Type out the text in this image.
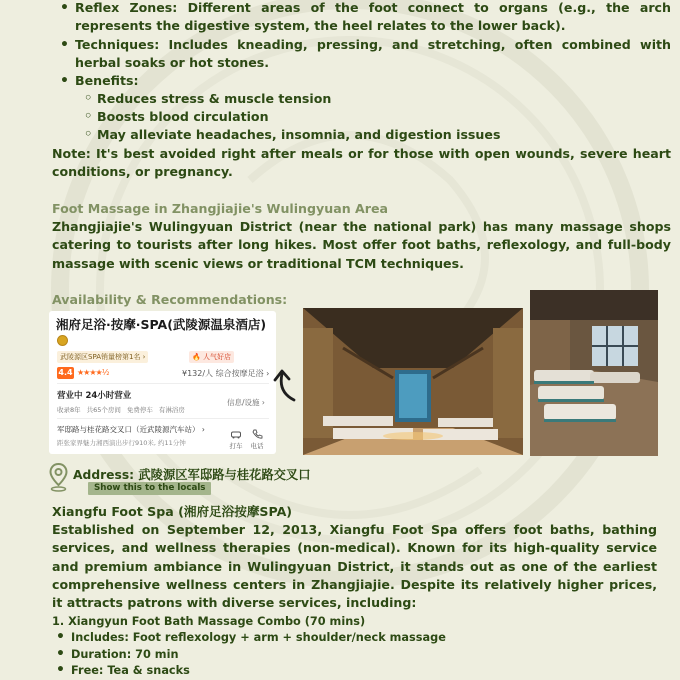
• Reflex Zones: Different areas of the foot connect to organs (e.g., the arch represents the digestive system, the heel relates to the lower back).
• Techniques: Includes kneading, pressing, and stretching, often combined with herbal soaks or hot stones.
• Benefits:
◦ Reduces stress & muscle tension
◦ Boosts blood circulation
◦ May alleviate headaches, insomnia, and digestion issues
Note: It's best avoided right after meals or for those with open wounds, severe heart conditions, or pregnancy.
Foot Massage in Zhangjiajie's Wulingyuan Area
Zhangjiajie's Wulingyuan District (near the national park) has many massage shops catering to tourists after long hikes. Most offer foot baths, reflexology, and full-body massage with scenic views or traditional TCM techniques.
Availability & Recommendations:
湘府足浴·按摩·SPA(武陵源温泉酒店)
武陵源区SPA销量榜第1名 ›	🔥 人气好店
4.4 ★★★★½	¥132/人 综合按摩足浴 ›
营业中 24小时营业
信息/设施 ›
收录8年 共65个房间 免费停车 有淋浴房
军邸路与桂花路交叉口（近武陵源汽车站） ›
距张家界魅力湘西演出步行910米, 约11分钟	打车	电话
Address: 武陵源区军邸路与桂花路交叉口
Show this to the locals
Xiangfu Foot Spa (湘府足浴按摩SPA)
Established on September 12, 2013, Xiangfu Foot Spa offers foot baths, bathing services, and wellness therapies (non-medical). Known for its high-quality service and premium ambiance in Wulingyuan District, it stands out as one of the earliest comprehensive wellness centers in Zhangjiajie. Despite its relatively higher prices, it attracts patrons with diverse services, including:
1. Xiangyun Foot Bath Massage Combo (70 mins)
• Includes: Foot reflexology + arm + shoulder/neck massage
• Duration: 70 min
• Free: Tea & snacks
